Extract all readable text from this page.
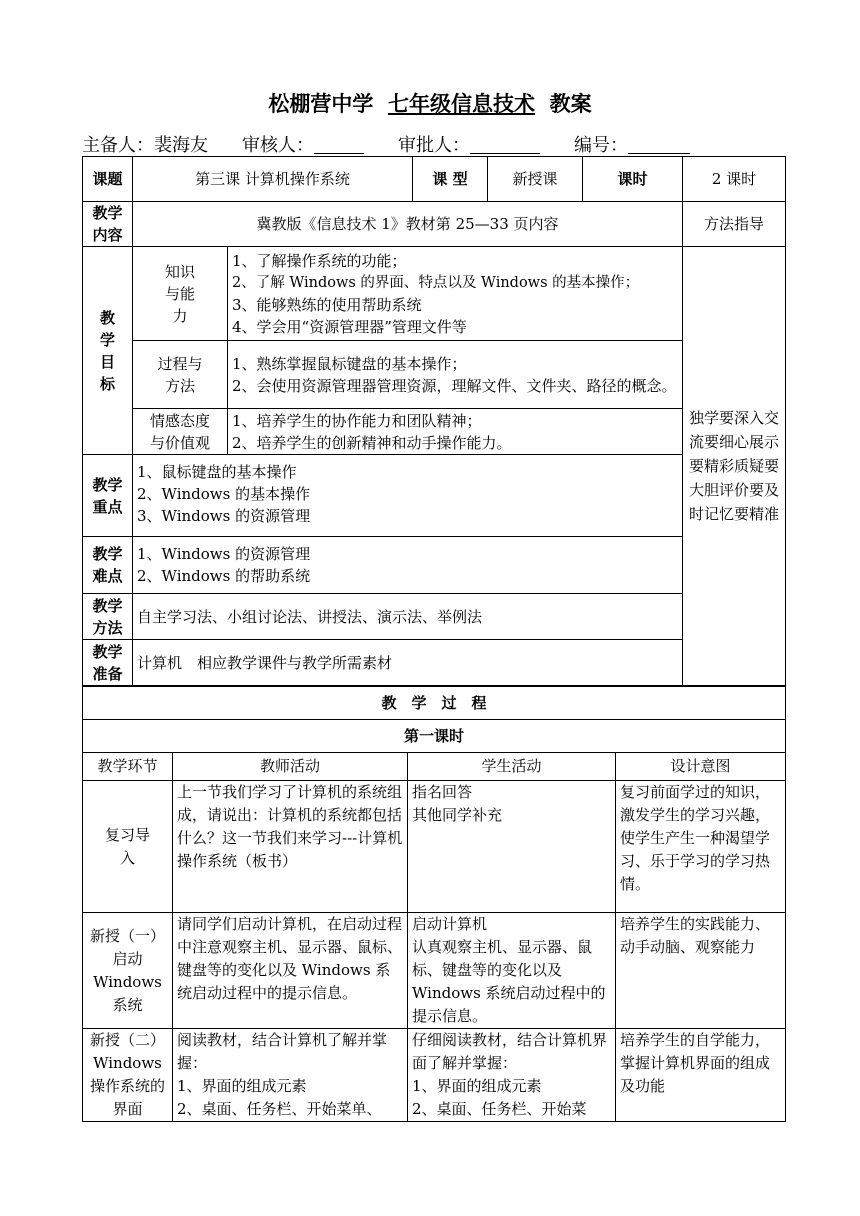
松棚营中学 七年级信息技术 教案
主备人：裴海友 审核人：	审批人：	编号：
课题	第三课 计算机操作系统		课 型	新授课	课时	2 课时
教学内容	冀教版《信息技术 1》教材第 25—33 页内容					方法指导
教学目标	知识与能力	1、了解操作系统的功能；
2、了解 Windows 的界面、特点以及 Windows 的基本操作；
3、能够熟练的使用帮助系统
4、学会用“资源管理器”管理文件等				独学要深入交流要细心展示要精彩质疑要大胆评价要及时记忆要精准
	过程与方法	1、熟练掌握鼠标键盘的基本操作；
2、会使用资源管理器管理资源，理解文件、文件夹、路径的概念。				

	情感态度与价值观	1、培养学生的协作能力和团队精神；
2、培养学生的创新精神和动手操作能力。				

教学重点	1、鼠标键盘的基本操作
2、Windows 的基本操作
3、Windows 的资源管理					

教学难点	1、Windows 的资源管理
2、Windows 的帮助系统					

教学方法	自主学习法、小组讨论法、讲授法、演示法、举例法					
教学准备	计算机　相应教学课件与教学所需素材					
教　学　过　程			
第一课时			
教学环节	教师活动	学生活动	设计意图
复习导入	上一节我们学习了计算机的系统组成，请说出：计算机的系统都包括什么？这一节我们来学习---计算机操作系统（板书）	指名回答
其他同学补充	复习前面学过的知识，激发学生的学习兴趣，使学生产生一种渴望学习、乐于学习的学习热情。
新授（一）启动 Windows 系统	请同学们启动计算机，在启动过程中注意观察主机、显示器、鼠标、键盘等的变化以及 Windows 系统启动过程中的提示信息。	启动计算机
认真观察主机、显示器、鼠标、键盘等的变化以及 Windows 系统启动过程中的提示信息。	培养学生的实践能力、动手动脑、观察能力
新授（二）Windows 操作系统的界面	阅读教材，结合计算机了解并掌握：
1、界面的组成元素
2、桌面、任务栏、开始菜单、	仔细阅读教材，结合计算机界面了解并掌握：
1、界面的组成元素
2、桌面、任务栏、开始菜	培养学生的自学能力，掌握计算机界面的组成及功能
